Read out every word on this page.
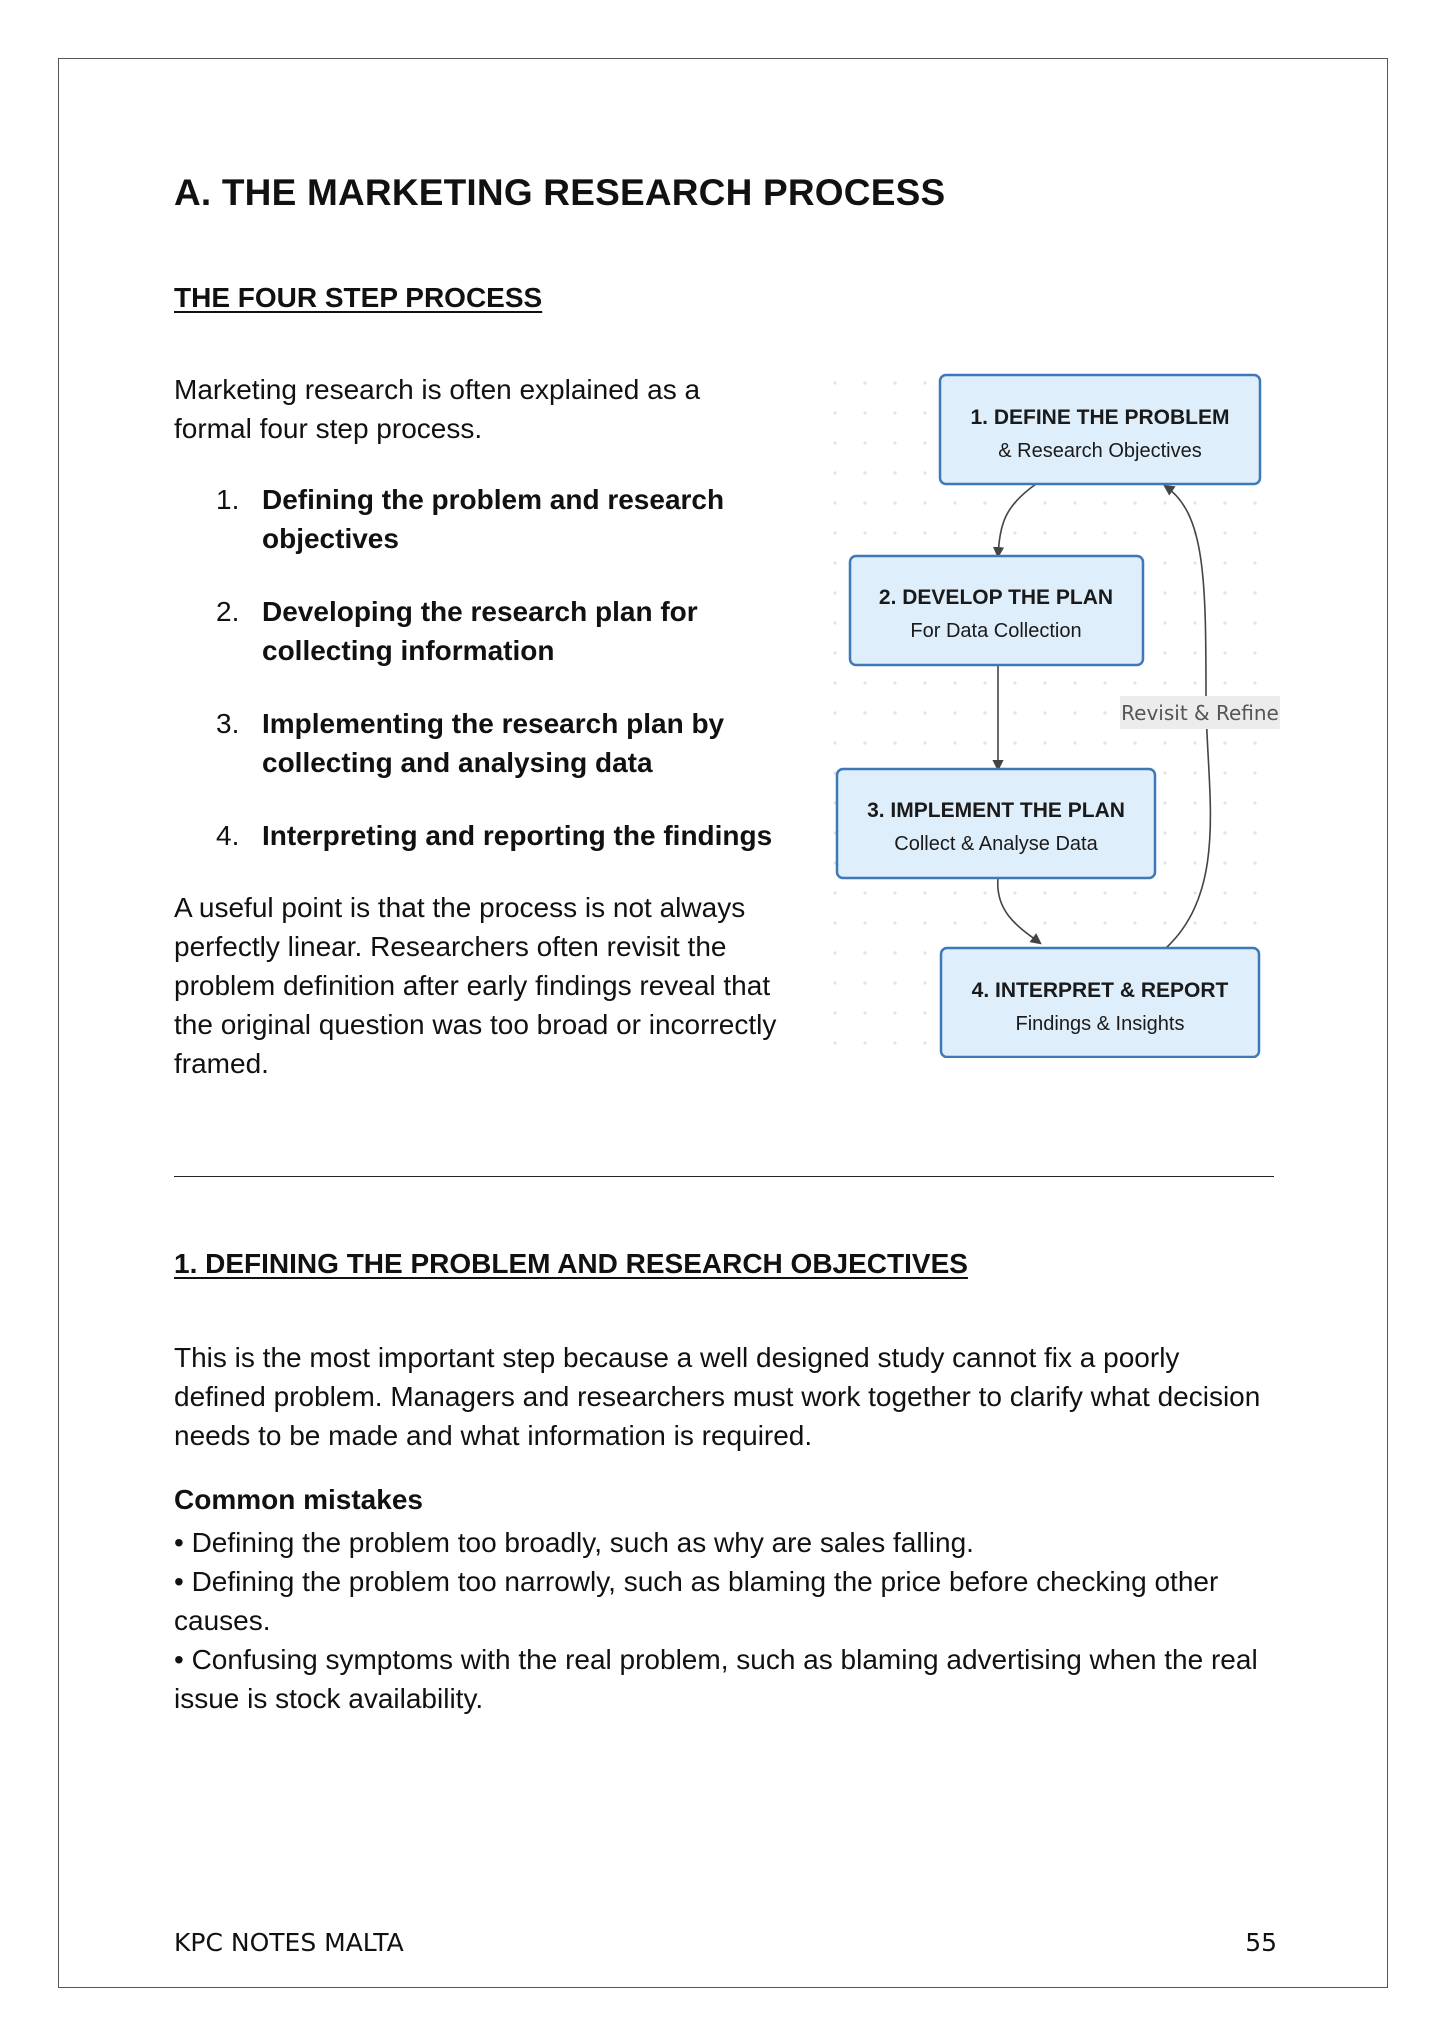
A. THE MARKETING RESEARCH PROCESS
THE FOUR STEP PROCESS

Marketing research is often explained as a formal four step process.

1. Defining the problem and research objectives
2. Developing the research plan for collecting information
3. Implementing the research plan by collecting and analysing data
4. Interpreting and reporting the findings

A useful point is that the process is not always perfectly linear. Researchers often revisit the problem definition after early findings reveal that the original question was too broad or incorrectly framed.

Revisit & Refine
1. DEFINE THE PROBLEM
& Research Objectives
2. DEVELOP THE PLAN
For Data Collection
3. IMPLEMENT THE PLAN
Collect & Analyse Data
4. INTERPRET & REPORT
Findings & Insights
1. DEFINING THE PROBLEM AND RESEARCH OBJECTIVES

This is the most important step because a well designed study cannot fix a poorly defined problem. Managers and researchers must work together to clarify what decision needs to be made and what information is required.

Common mistakes

• Defining the problem too broadly, such as why are sales falling.

• Defining the problem too narrowly, such as blaming the price before checking other causes.

• Confusing symptoms with the real problem, such as blaming advertising when the real issue is stock availability.

KPC NOTES MALTA	55
